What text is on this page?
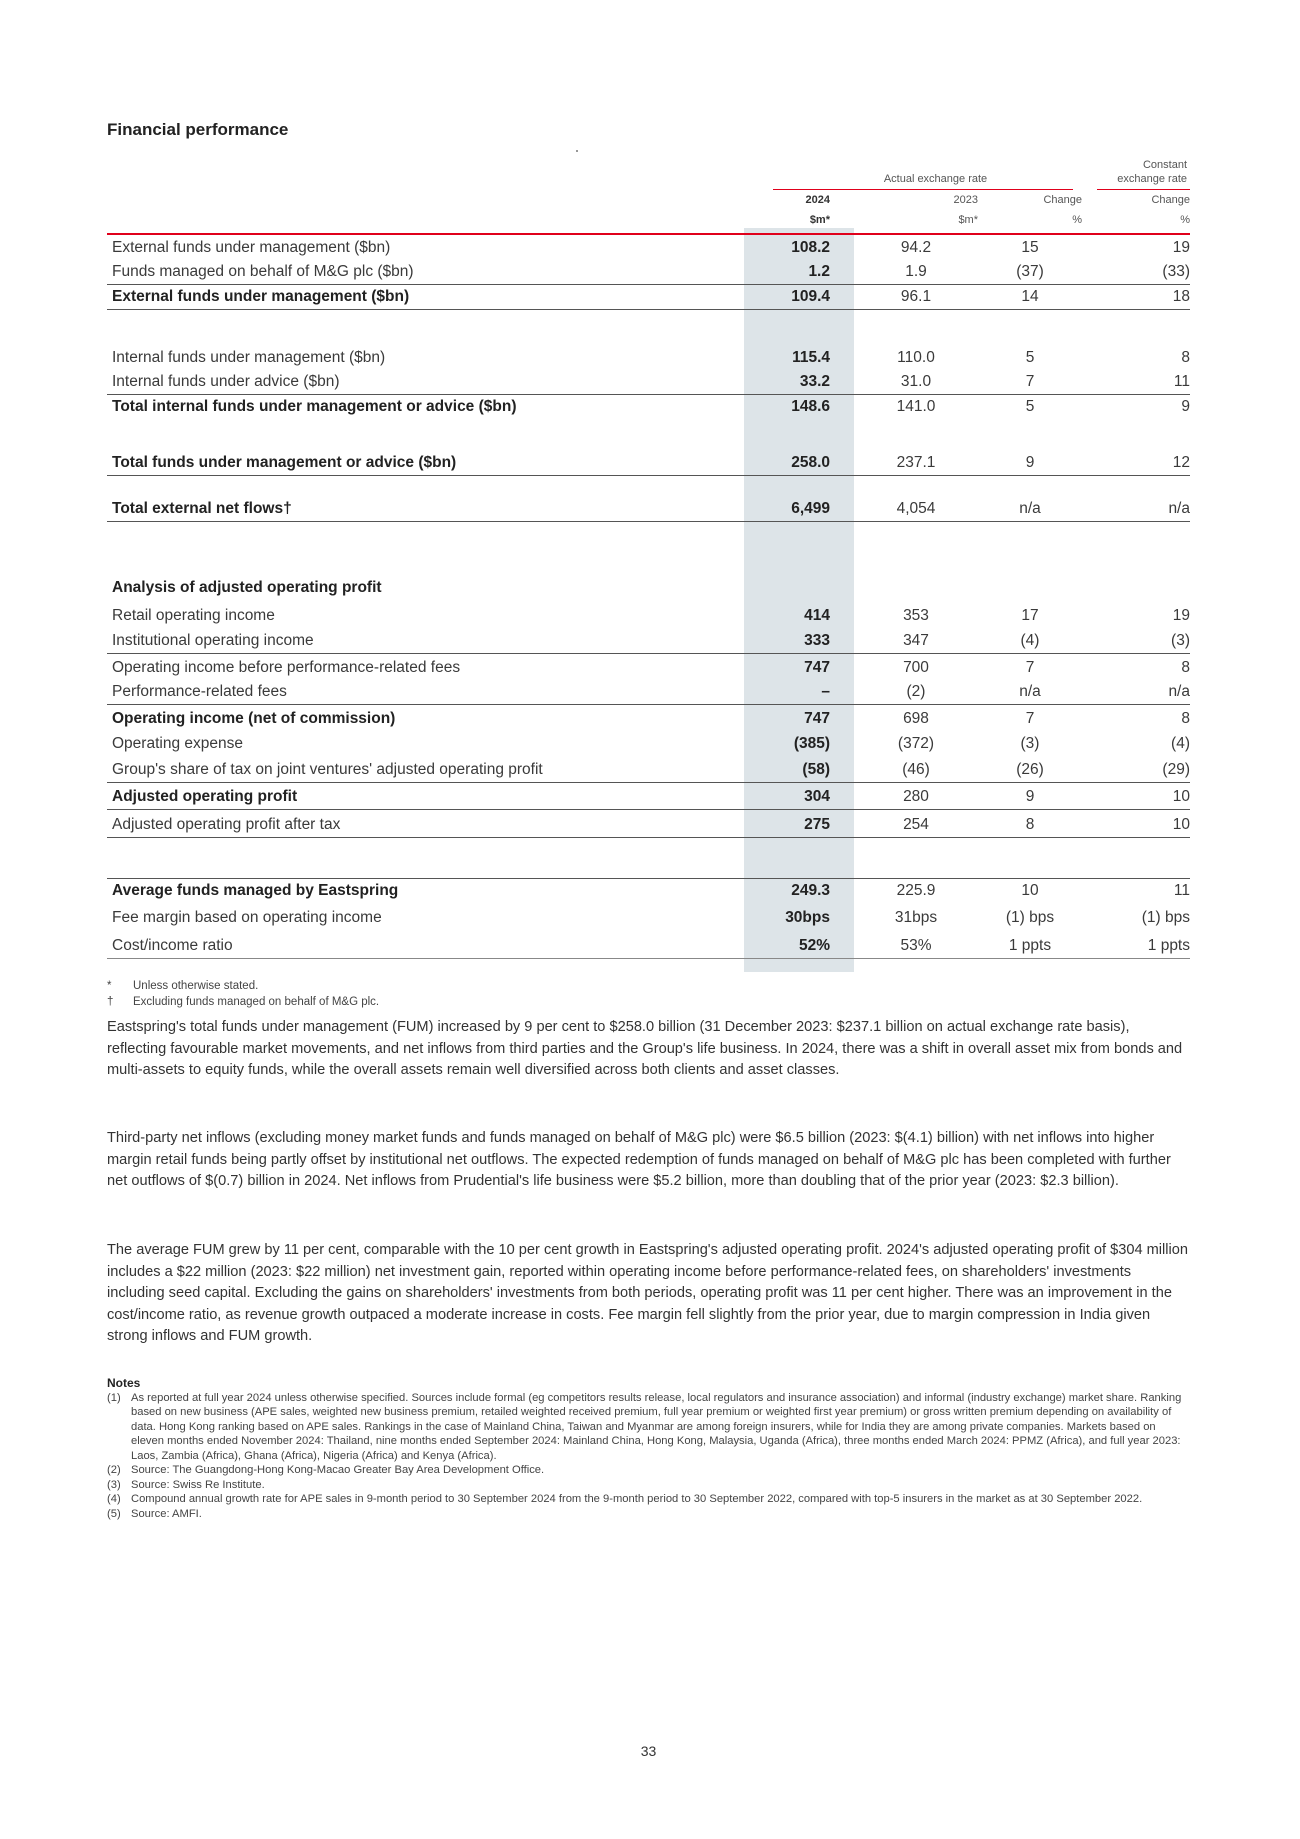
Financial performance
Actual exchange rate
Constant exchange rate
2024	2023	Change	Change
$m*	$m*	%	%
External funds under management ($bn)	108.2	94.2	15	19
Funds managed on behalf of M&G plc ($bn)	1.2	1.9	(37)	(33)
External funds under management ($bn)	109.4	96.1	14	18
Internal funds under management ($bn)	115.4	110.0	5	8
Internal funds under advice ($bn)	33.2	31.0	7	11
Total internal funds under management or advice ($bn)	148.6	141.0	5	9
Total funds under management or advice ($bn)	258.0	237.1	9	12
Total external net flows†	6,499	4,054	n/a	n/a
Analysis of adjusted operating profit
Retail operating income	414	353	17	19
Institutional operating income	333	347	(4)	(3)
Operating income before performance-related fees	747	700	7	8
Performance-related fees	–	(2)	n/a	n/a
Operating income (net of commission)	747	698	7	8
Operating expense	(385)	(372)	(3)	(4)
Group's share of tax on joint ventures' adjusted operating profit	(58)	(46)	(26)	(29)
Adjusted operating profit	304	280	9	10
Adjusted operating profit after tax	275	254	8	10
Average funds managed by Eastspring	249.3	225.9	10	11
Fee margin based on operating income	30bps	31bps	(1) bps	(1) bps
Cost/income ratio	52%	53%	1 ppts	1 ppts
* Unless otherwise stated.
† Excluding funds managed on behalf of M&G plc.

Eastspring's total funds under management (FUM) increased by 9 per cent to $258.0 billion (31 December 2023: $237.1 billion on actual exchange rate basis), reflecting favourable market movements, and net inflows from third parties and the Group's life business. In 2024, there was a shift in overall asset mix from bonds and multi-assets to equity funds, while the overall assets remain well diversified across both clients and asset classes.

Third-party net inflows (excluding money market funds and funds managed on behalf of M&G plc) were $6.5 billion (2023: $(4.1) billion) with net inflows into higher margin retail funds being partly offset by institutional net outflows. The expected redemption of funds managed on behalf of M&G plc has been completed with further net outflows of $(0.7) billion in 2024. Net inflows from Prudential's life business were $5.2 billion, more than doubling that of the prior year (2023: $2.3 billion).

The average FUM grew by 11 per cent, comparable with the 10 per cent growth in Eastspring's adjusted operating profit. 2024's adjusted operating profit of $304 million includes a $22 million (2023: $22 million) net investment gain, reported within operating income before performance-related fees, on shareholders' investments including seed capital. Excluding the gains on shareholders' investments from both periods, operating profit was 11 per cent higher. There was an improvement in the cost/income ratio, as revenue growth outpaced a moderate increase in costs. Fee margin fell slightly from the prior year, due to margin compression in India given strong inflows and FUM growth.

Notes
(1) As reported at full year 2024 unless otherwise specified. Sources include formal (eg competitors results release, local regulators and insurance association) and informal (industry exchange) market share. Ranking based on new business (APE sales, weighted new business premium, retailed weighted received premium, full year premium or weighted first year premium) or gross written premium depending on availability of data. Hong Kong ranking based on APE sales. Rankings in the case of Mainland China, Taiwan and Myanmar are among foreign insurers, while for India they are among private companies. Markets based on eleven months ended November 2024: Thailand, nine months ended September 2024: Mainland China, Hong Kong, Malaysia, Uganda (Africa), three months ended March 2024: PPMZ (Africa), and full year 2023: Laos, Zambia (Africa), Ghana (Africa), Nigeria (Africa) and Kenya (Africa).
(2) Source: The Guangdong-Hong Kong-Macao Greater Bay Area Development Office.
(3) Source: Swiss Re Institute.
(4) Compound annual growth rate for APE sales in 9-month period to 30 September 2024 from the 9-month period to 30 September 2022, compared with top-5 insurers in the market as at 30 September 2022.
(5) Source: AMFI.
33
